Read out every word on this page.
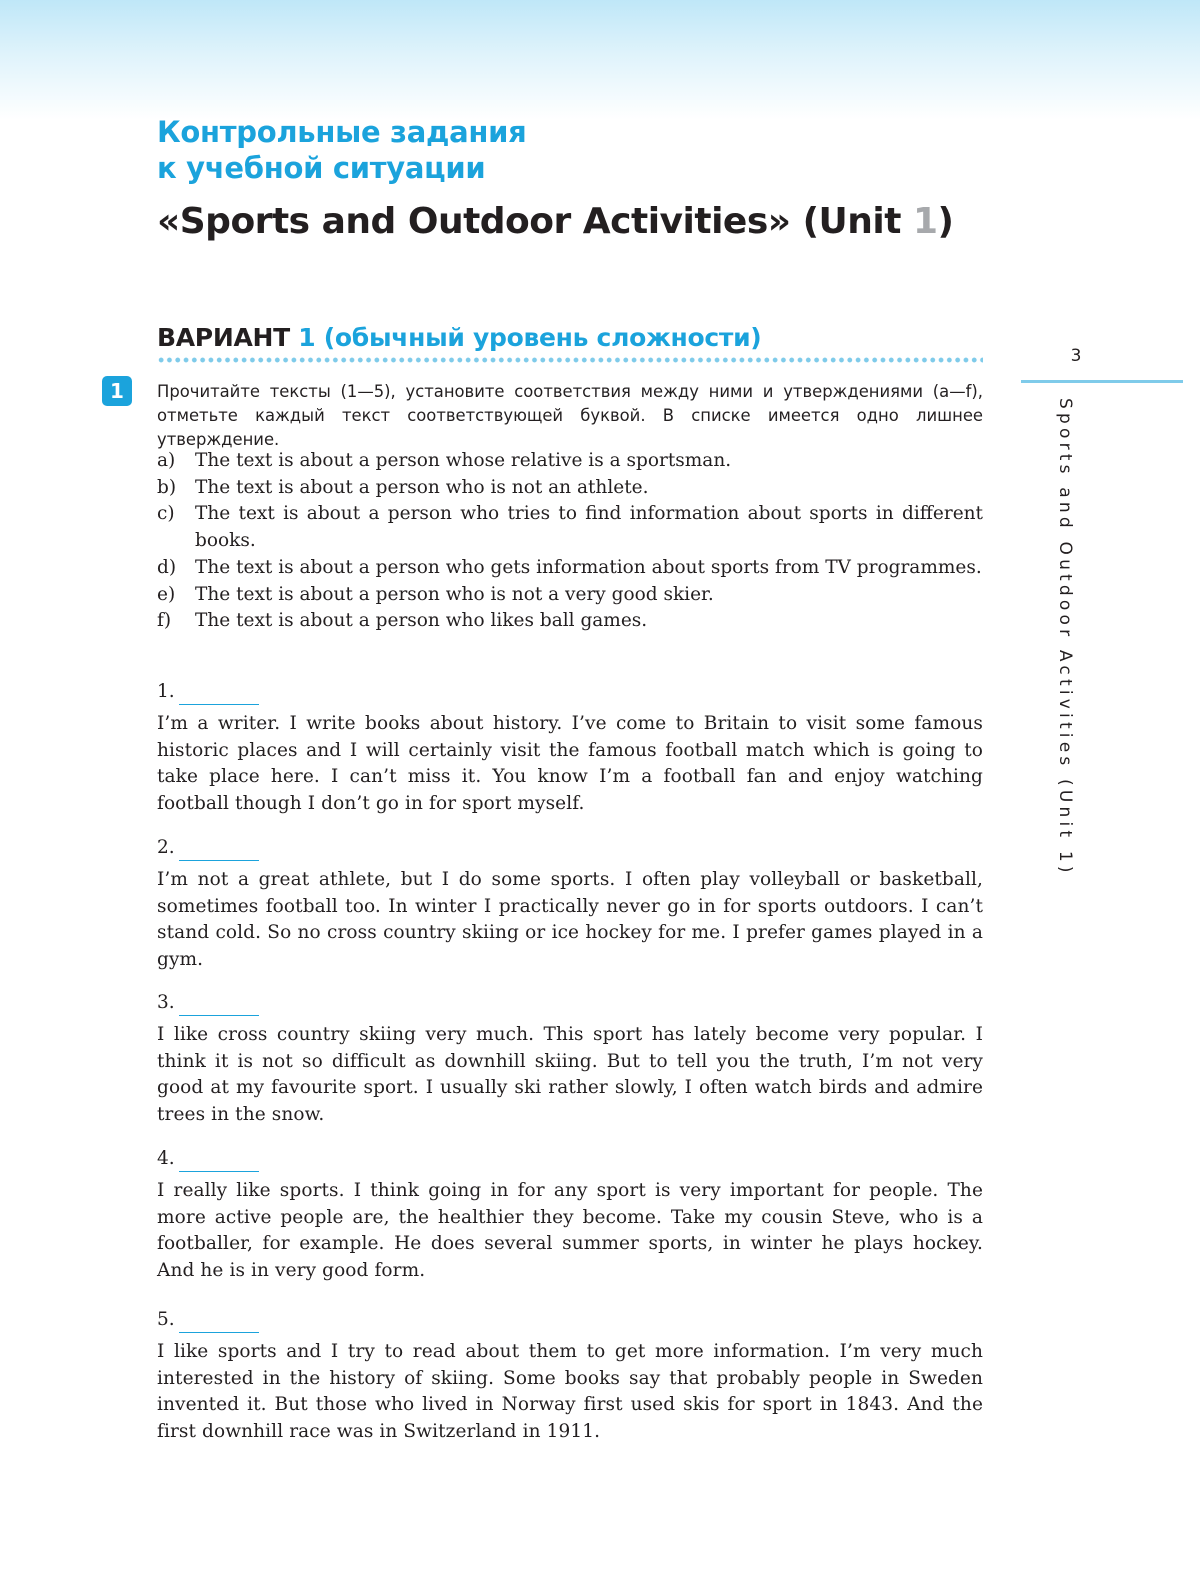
Контрольные задания
к учебной ситуации
«Sports and Outdoor Activities» (Unit 1)
ВАРИАНТ 1 (обычный уровень сложности)
3
Sports and Outdoor Activities (Unit 1)
1	Прочитайте тексты (1—5), установите соответствия между ними и утверждениями (a—f), отметьте каждый текст соответствующей буквой. В списке имеется одно лишнее утверждение.

a)	The text is about a person whose relative is a sportsman.
b)	The text is about a person who is not an athlete.
c)	The text is about a person who tries to find information about sports in different books.
d)	The text is about a person who gets information about sports from TV programmes.
e)	The text is about a person who is not a very good skier.
f)	The text is about a person who likes ball games.
1.

I’m a writer. I write books about history. I’ve come to Britain to visit some famous historic places and I will certainly visit the famous football match which is going to take place here. I can’t miss it. You know I’m a football fan and enjoy watching football though I don’t go in for sport myself.

2.

I’m not a great athlete, but I do some sports. I often play volleyball or basketball, sometimes football too. In winter I practically never go in for sports outdoors. I can’t stand cold. So no cross country skiing or ice hockey for me. I prefer games played in a gym.

3.

I like cross country skiing very much. This sport has lately become very popular. I think it is not so difficult as downhill skiing. But to tell you the truth, I’m not very good at my favourite sport. I usually ski rather slowly, I often watch birds and admire trees in the snow.

4.

I really like sports. I think going in for any sport is very important for people. The more active people are, the healthier they become. Take my cousin Steve, who is a footballer, for example. He does several summer sports, in winter he plays hockey. And he is in very good form.

5.

I like sports and I try to read about them to get more information. I’m very much interested in the history of skiing. Some books say that probably people in Sweden invented it. But those who lived in Norway first used skis for sport in 1843. And the first downhill race was in Switzerland in 1911.
